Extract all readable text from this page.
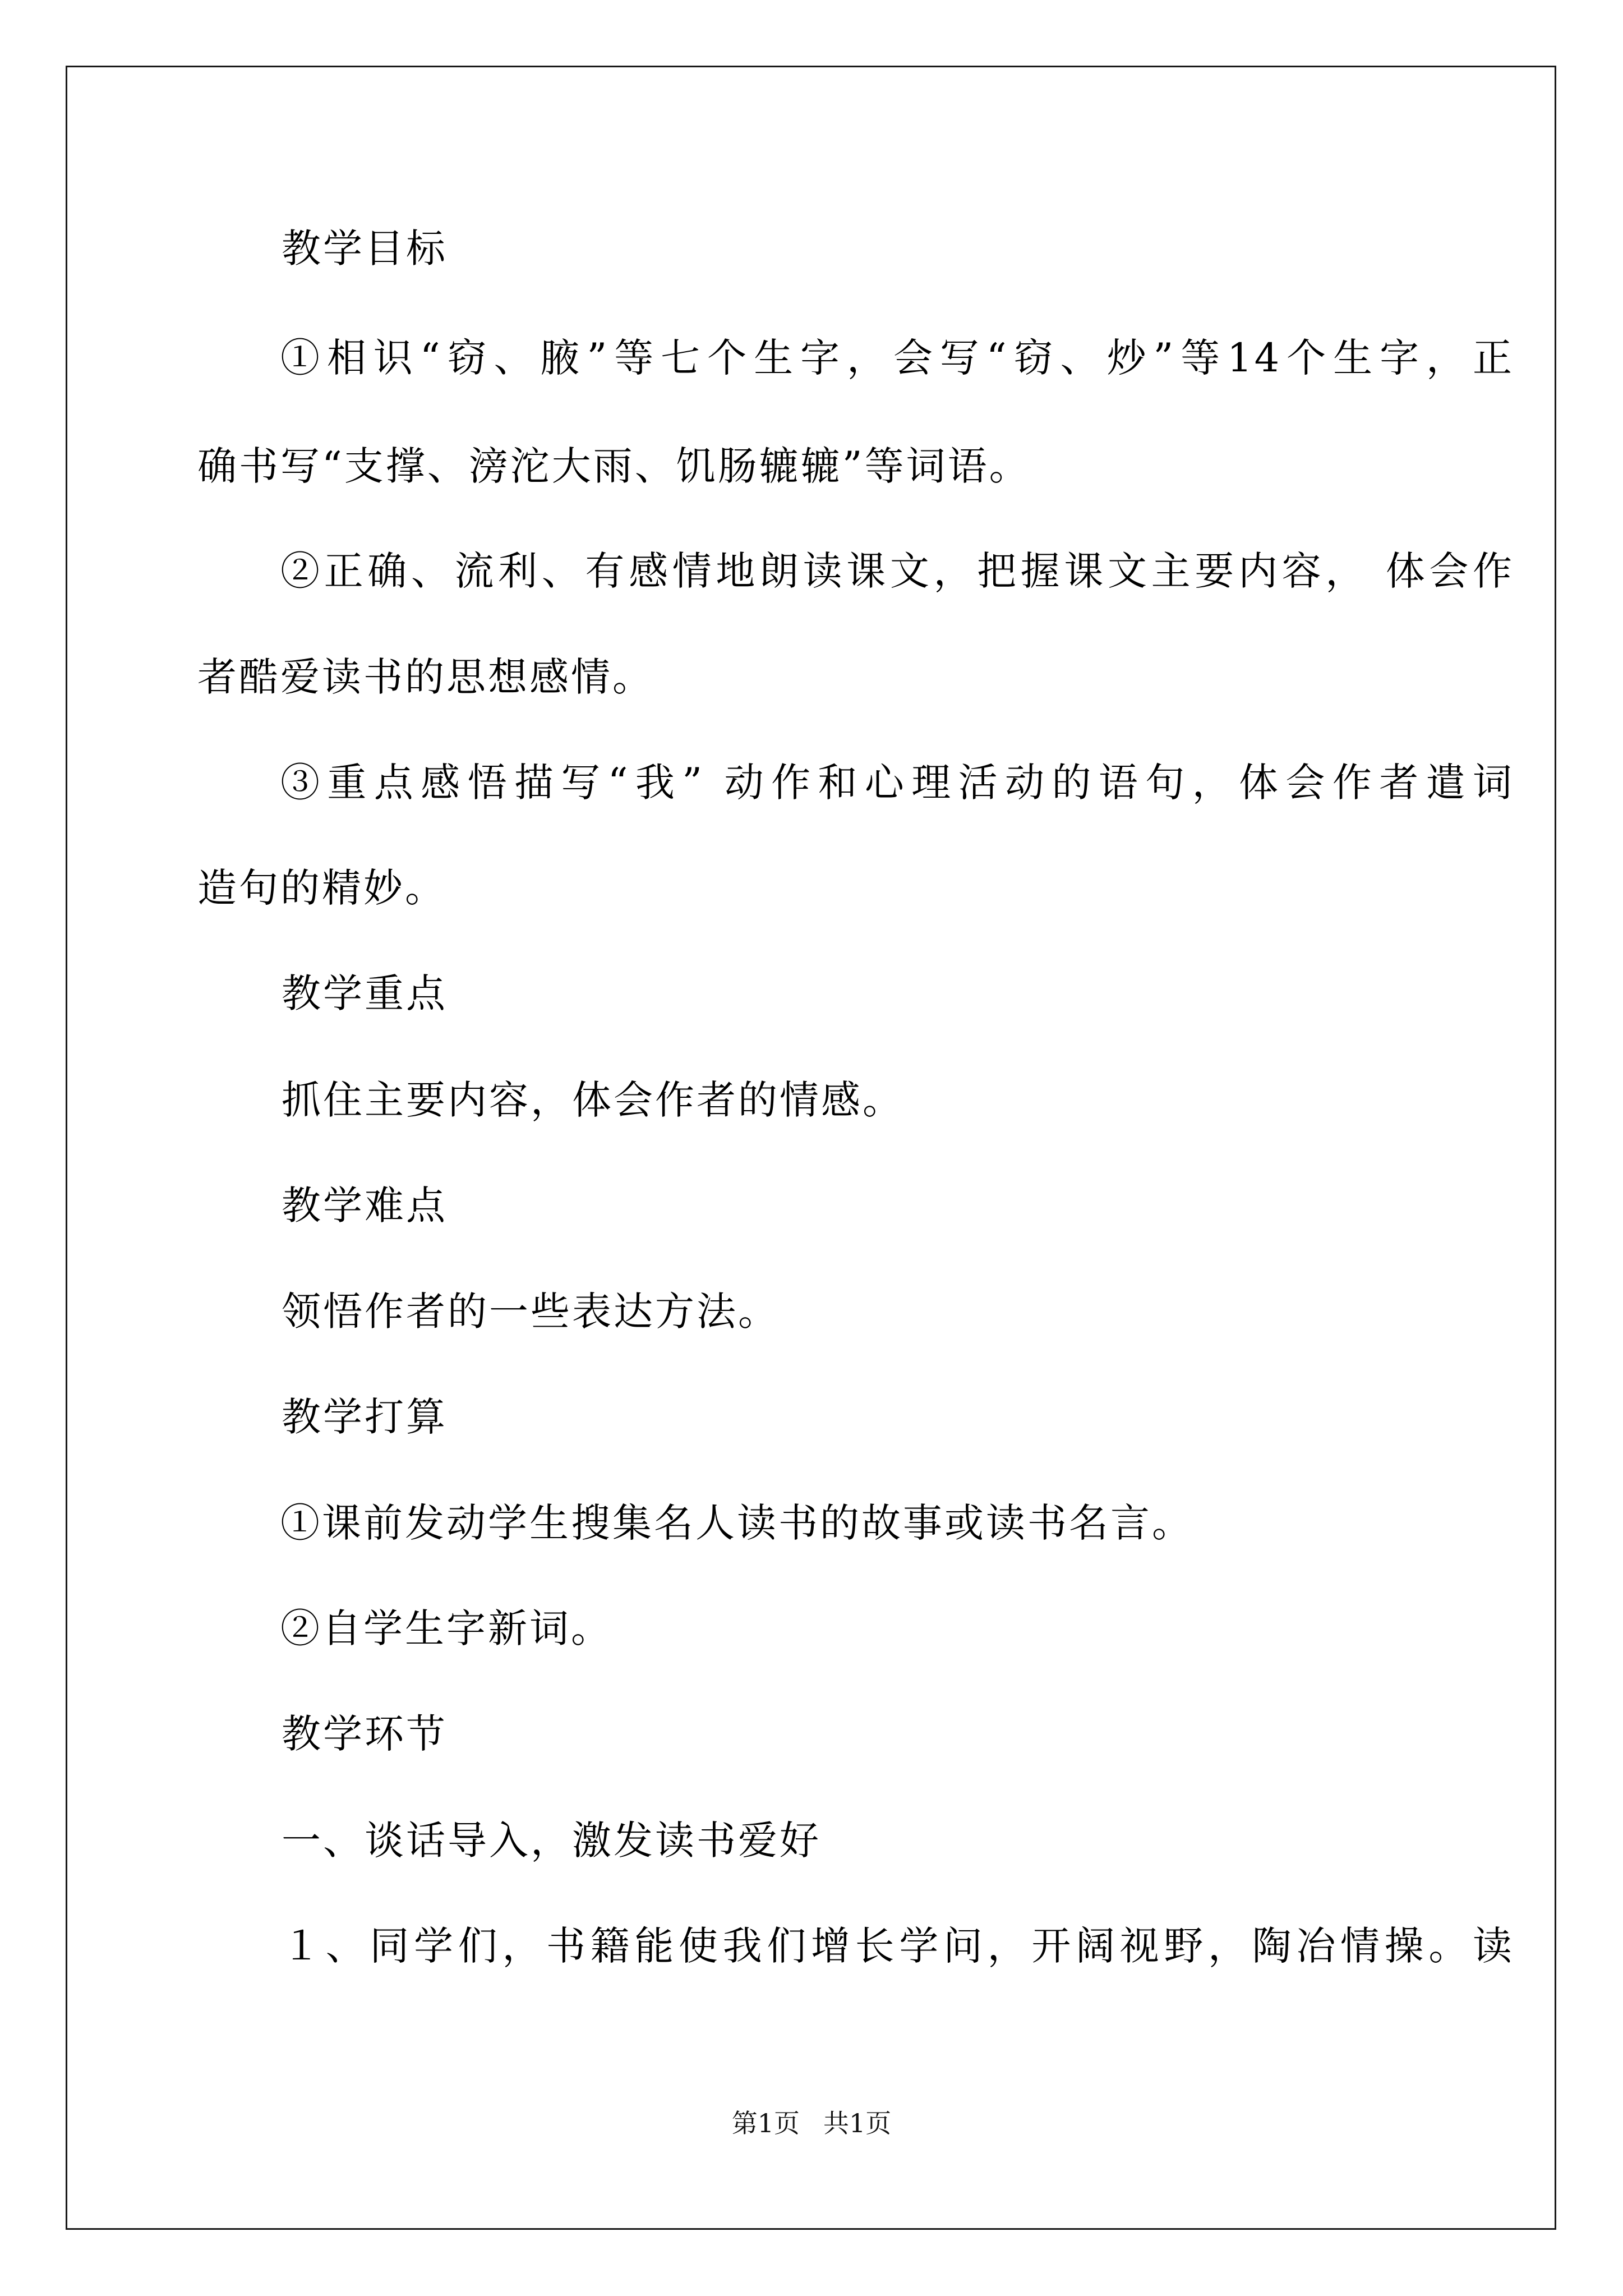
教学目标
①相识“窃、腋”等七个生字，会写“窃、炒”等14个生字，正
确书写“支撑、滂沱大雨、饥肠辘辘”等词语。
②正确、流利、有感情地朗读课文，把握课文主要内容， 体会作
者酷爱读书的思想感情。
③重点感悟描写“我” 动作和心理活动的语句，体会作者遣词
造句的精妙。
教学重点
抓住主要内容，体会作者的情感。
教学难点
领悟作者的一些表达方法。
教学打算
①课前发动学生搜集名人读书的故事或读书名言。
②自学生字新词。
教学环节
一、谈话导入，激发读书爱好
１、同学们，书籍能使我们增长学问，开阔视野，陶冶情操。读
第1页 共1页
